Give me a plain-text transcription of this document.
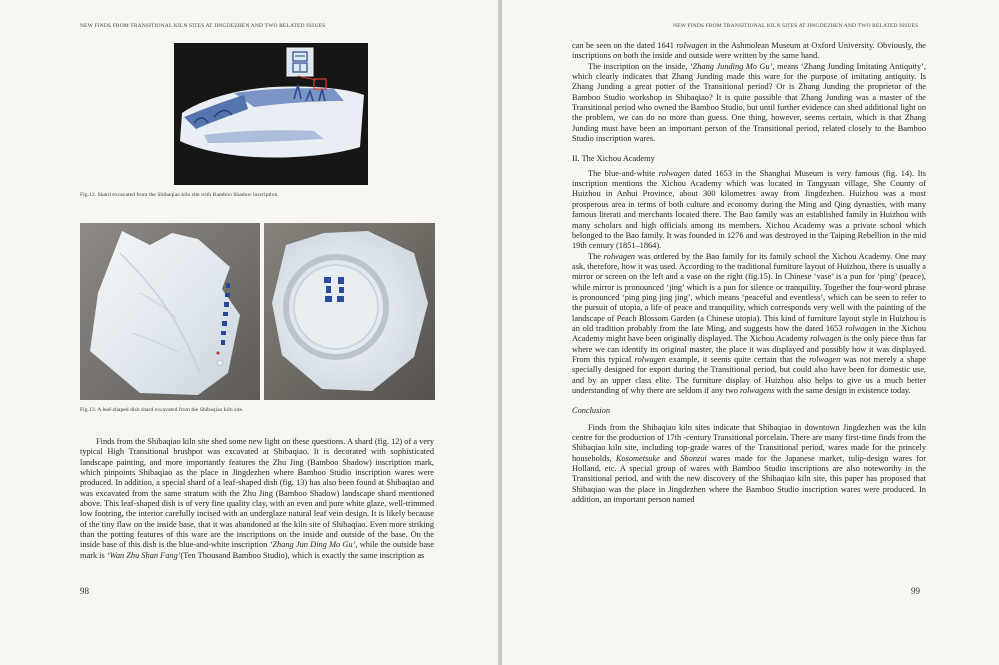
NEW FINDS FROM TRANSITIONAL KILN SITES AT JINGDEZHEN AND TWO RELATED ISSUES
Fig.12. Shard excavated from the Shibaqiao kiln site with Bamboo Shadow inscription.
Fig.13. A leaf-shaped dish shard excavated from the Shibaqiao kiln site.

Finds from the Shibaqiao kiln site shed some new light on these questions. A shard (fig. 12) of a very typical High Transitional brushpot was excavated at Shibaqiao. It is decorated with sophisticated landscape painting, and more importantly features the Zhu Jing (Bamboo Shadow) inscription mark, which pinpoints Shibaqiao as the place in Jingdezhen where Bamboo Studio inscription wares were produced. In addition, a special shard of a leaf-shaped dish (fig. 13) has also been found at Shibaqiao and was excavated from the same stratum with the Zhu Jing (Bamboo Shadow) landscape shard mentioned above. This leaf-shaped dish is of very fine quality clay, with an even and pure white glaze, well-trimmed low footring, the interior carefully incised with an underglaze natural leaf vein design. It is likely because of the tiny flaw on the inside base, that it was abandoned at the kiln site of Shibaqiao. Even more striking than the potting features of this ware are the inscriptions on the inside and outside of the base. On the inside base of this dish is the blue-and-white inscription ‘Zhang Jun Ding Mo Gu’, while the outside base mark is ‘Wan Zhu Shan Fang’(Ten Thousand Bamboo Studio), which is exactly the same inscription as

98
NEW FINDS FROM TRANSITIONAL KILN SITES AT JINGDEZHEN AND TWO RELATED ISSUES

can be seen on the dated 1641 rolwagen in the Ashmolean Museum at Oxford University. Obviously, the inscriptions on both the inside and outside were written by the same hand.

The inscription on the inside, ‘Zhang Junding Mo Gu’, means ‘Zhang Junding Imitating Antiquity’, which clearly indicates that Zhang Junding made this ware for the purpose of imitating antiquity. Is Zhang Junding a great potter of the Transitional period? Or is Zhang Junding the proprietor of the Bamboo Studio workshop in Shibaqiao? It is quite possible that Zhang Junding was a master of the Transitional period who owned the Bamboo Studio, but until further evidence can shed additional light on the problem, we can do no more than guess. One thing, however, seems certain, which is that Zhang Junding must have been an important person of the Transitional period, related closely to the Bamboo Studio inscription wares.

II. The Xichou Academy

The blue-and-white rolwagen dated 1653 in the Shanghai Museum is very famous (fig. 14). Its inscription mentions the Xichou Academy which was located in Tangyuan village, She County of Huizhou in Anhui Province, about 300 kilometres away from Jingdezhen. Huizhou was a most prosperous area in terms of both culture and economy during the Ming and Qing dynasties, with many famous literati and merchants located there. The Bao family was an established family in Huizhou with many scholars and high officials among its members. Xichou Academy was a private school which belonged to the Bao family. It was founded in 1276 and was destroyed in the Taiping Rebellion in the mid 19th century (1851–1864).

The rolwagen was ordered by the Bao family for its family school the Xichou Academy. One may ask, therefore, how it was used. According to the traditional furniture layout of Huizhou, there is usually a mirror or screen on the left and a vase on the right (fig.15). In Chinese ‘vase’ is a pun for ‘ping’ (peace), while mirror is pronounced ‘jing’ which is a pun for silence or tranquility. Together the four-word phrase is pronounced ‘ping ping jing jing’, which means ‘peaceful and eventless’, which can be seen to refer to the pursuit of utopia, a life of peace and tranquility, which corresponds very well with the painting of the landscape of Peach Blossom Garden (a Chinese utopia). This kind of furniture layout style in Huizhou is an old tradition probably from the late Ming, and suggests how the dated 1653 rolwagen in the Xichou Academy might have been originally displayed. The Xichou Academy rolwagen is the only piece thus far where we can identify its original master, the place it was displayed and possibly how it was displayed. From this typical rolwagen example, it seems quite certain that the rolwagen was not merely a shape specially designed for export during the Transitional period, but could also have been for domestic use, and by an upper class elite. The furniture display of Huizhou also helps to give us a much better understanding of why there are seldom if any two rolwagens with the same design in existence today.

Conclusion

Finds from the Shibaqiao kiln sites indicate that Shibaqiao in downtown Jingdezhen was the kiln centre for the production of 17th -century Transitional porcelain. There are many first-time finds from the Shibaqiao kiln site, including top-grade wares of the Transitional period, wares made for the princely households, Kosometsuke and Shonzui wares made for the Japanese market, tulip-design wares for Holland, etc. A special group of wares with Bamboo Studio inscriptions are also noteworthy in the Transitional period, and with the new discovery of the Shibaqiao kiln site, this paper has proposed that Shibaqiao was the place in Jingdezhen where the Bamboo Studio inscription wares were produced. In addition, an important person named

99
